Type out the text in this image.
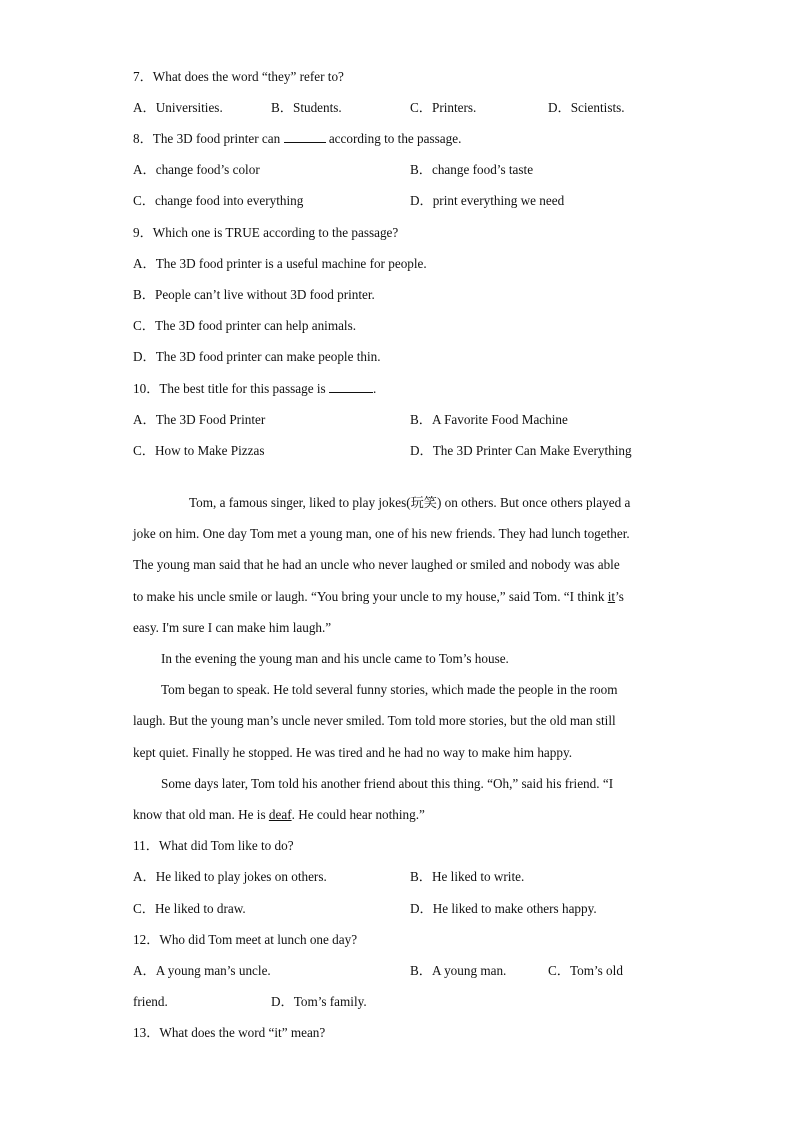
7．What does the word “they” refer to?
A．Universities.	B．Students.	C．Printers.	D．Scientists.
8．The 3D food printer can	according to the passage.
A．change food’s color	B．change food’s taste
C．change food into everything	D．print everything we need
9．Which one is TRUE according to the passage?
A．The 3D food printer is a useful machine for people.
B．People can’t live without 3D food printer.
C．The 3D food printer can help animals.
D．The 3D food printer can make people thin.
10．The best title for this passage is	.
A．The 3D Food Printer	B．A Favorite Food Machine
C．How to Make Pizzas	D．The 3D Printer Can Make Everything
Tom, a famous singer, liked to play jokes(玩笑) on others. But once others played a
joke on him. One day Tom met a young man, one of his new friends. They had lunch together.
The young man said that he had an uncle who never laughed or smiled and nobody was able
to make his uncle smile or laugh. “You bring your uncle to my house,” said Tom. “I think it’s
easy. I'm sure I can make him laugh.”
In the evening the young man and his uncle came to Tom’s house.
Tom began to speak. He told several funny stories, which made the people in the room
laugh. But the young man’s uncle never smiled. Tom told more stories, but the old man still
kept quiet. Finally he stopped. He was tired and he had no way to make him happy.
Some days later, Tom told his another friend about this thing. “Oh,” said his friend. “I
know that old man. He is deaf. He could hear nothing.”
11．What did Tom like to do?
A．He liked to play jokes on others.	B．He liked to write.
C．He liked to draw.	D．He liked to make others happy.
12．Who did Tom meet at lunch one day?
A．A young man’s uncle.	B．A young man.	C．Tom’s old
friend.	D．Tom’s family.
13．What does the word “it” mean?
